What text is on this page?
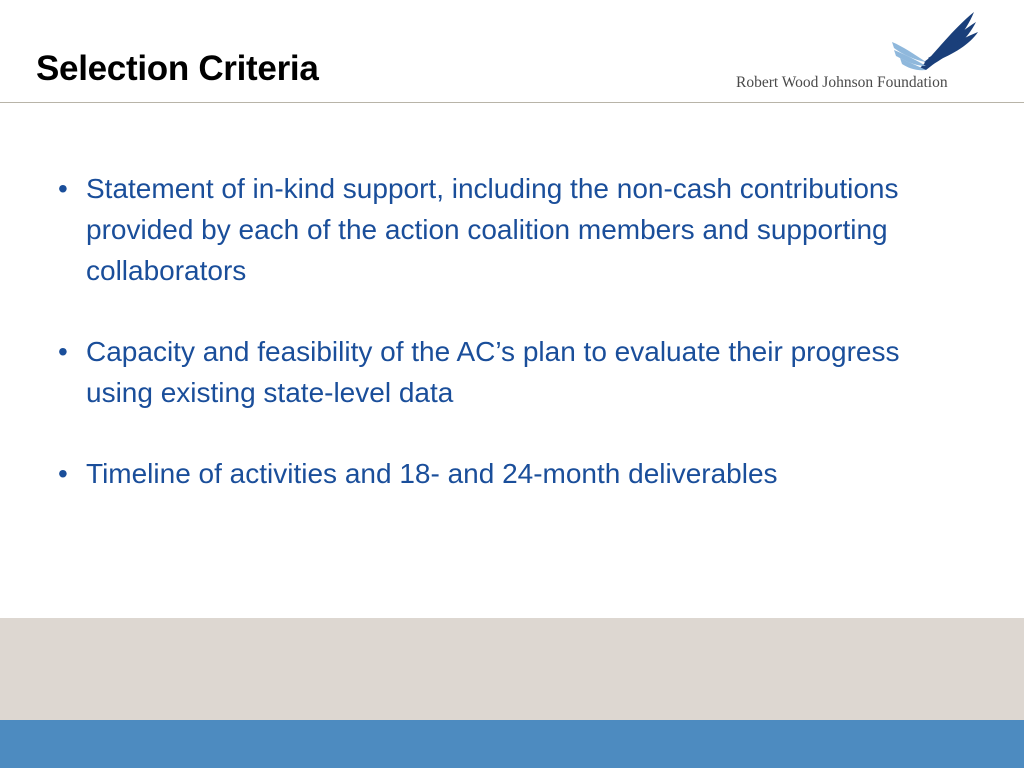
Selection Criteria	Robert Wood Johnson Foundation
• Statement of in-kind support, including the non-cash contributions provided by each of the action coalition members and supporting collaborators
• Capacity and feasibility of the AC’s plan to evaluate their progress using existing state-level data
• Timeline of activities and 18- and 24-month deliverables
